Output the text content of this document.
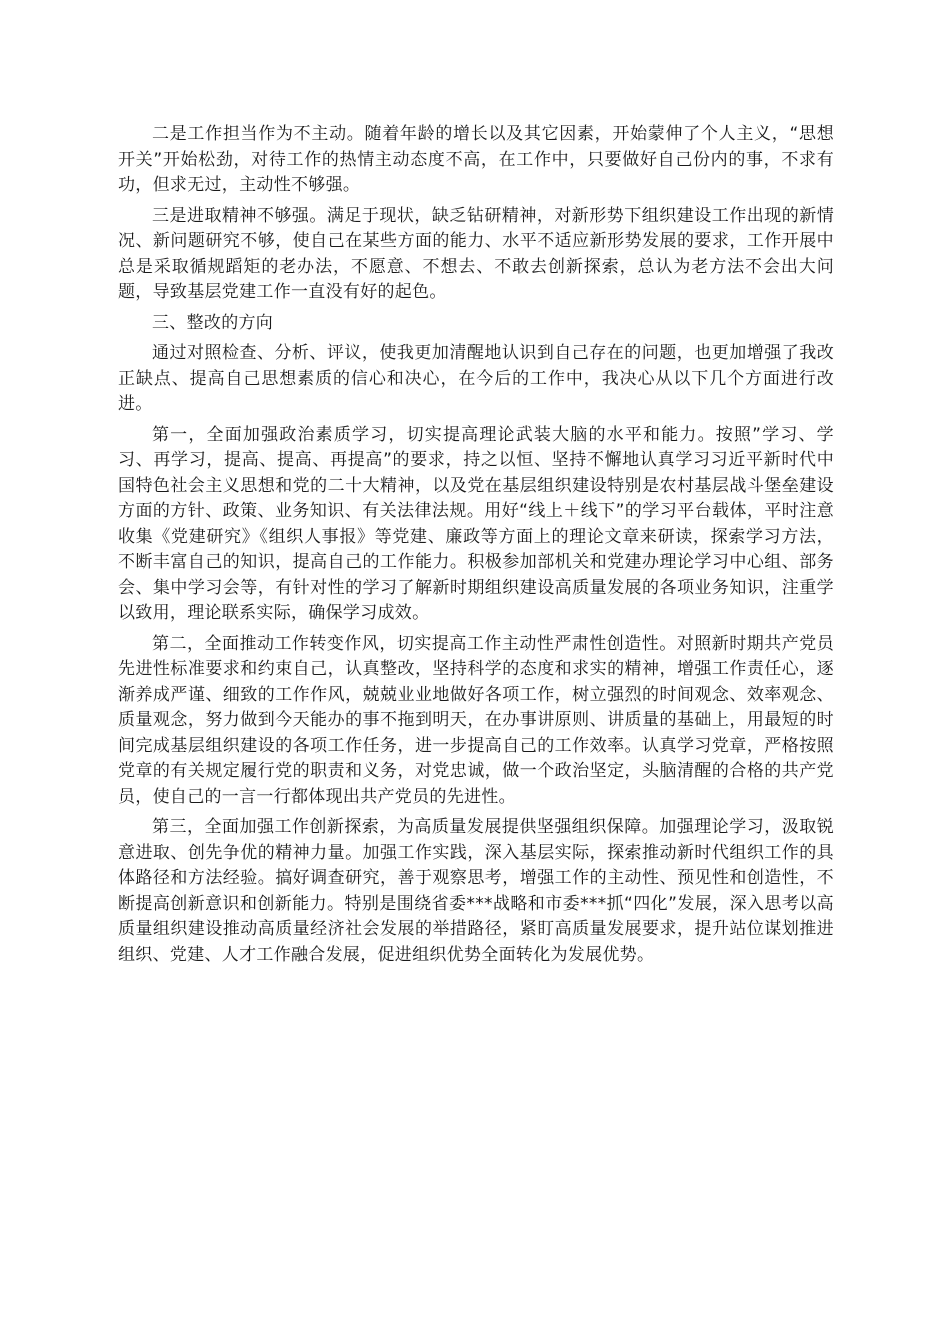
二是工作担当作为不主动。随着年龄的增长以及其它因素，开始蒙伸了个人主义，“思想开关”开始松劲，对待工作的热情主动态度不高，在工作中，只要做好自己份内的事，不求有功，但求无过，主动性不够强。

三是进取精神不够强。满足于现状，缺乏钻研精神，对新形势下组织建设工作出现的新情况、新问题研究不够，使自己在某些方面的能力、水平不适应新形势发展的要求，工作开展中总是采取循规蹈矩的老办法，不愿意、不想去、不敢去创新探索，总认为老方法不会出大问题，导致基层党建工作一直没有好的起色。

三、整改的方向

通过对照检查、分析、评议，使我更加清醒地认识到自己存在的问题，也更加增强了我改正缺点、提高自己思想素质的信心和决心，在今后的工作中，我决心从以下几个方面进行改进。

第一，全面加强政治素质学习，切实提高理论武装大脑的水平和能力。按照”学习、学习、再学习，提高、提高、再提高”的要求，持之以恒、坚持不懈地认真学习习近平新时代中国特色社会主义思想和党的二十大精神，以及党在基层组织建设特别是农村基层战斗堡垒建设方面的方针、政策、业务知识、有关法律法规。用好“线上＋线下”的学习平台载体，平时注意收集《党建研究》《组织人事报》等党建、廉政等方面上的理论文章来研读，探索学习方法，不断丰富自己的知识，提高自己的工作能力。积极参加部机关和党建办理论学习中心组、部务会、集中学习会等，有针对性的学习了解新时期组织建设高质量发展的各项业务知识，注重学以致用，理论联系实际，确保学习成效。

第二，全面推动工作转变作风，切实提高工作主动性严肃性创造性。对照新时期共产党员先进性标准要求和约束自己，认真整改，坚持科学的态度和求实的精神，增强工作责任心，逐渐养成严谨、细致的工作作风，兢兢业业地做好各项工作，树立强烈的时间观念、效率观念、质量观念，努力做到今天能办的事不拖到明天，在办事讲原则、讲质量的基础上，用最短的时间完成基层组织建设的各项工作任务，进一步提高自己的工作效率。认真学习党章，严格按照党章的有关规定履行党的职责和义务，对党忠诚，做一个政治坚定，头脑清醒的合格的共产党员，使自己的一言一行都体现出共产党员的先进性。

第三，全面加强工作创新探索，为高质量发展提供坚强组织保障。加强理论学习，汲取锐意进取、创先争优的精神力量。加强工作实践，深入基层实际，探索推动新时代组织工作的具体路径和方法经验。搞好调查研究，善于观察思考，增强工作的主动性、预见性和创造性，不断提高创新意识和创新能力。特别是围绕省委***战略和市委***抓“四化”发展，深入思考以高质量组织建设推动高质量经济社会发展的举措路径，紧盯高质量发展要求，提升站位谋划推进组织、党建、人才工作融合发展，促进组织优势全面转化为发展优势。
